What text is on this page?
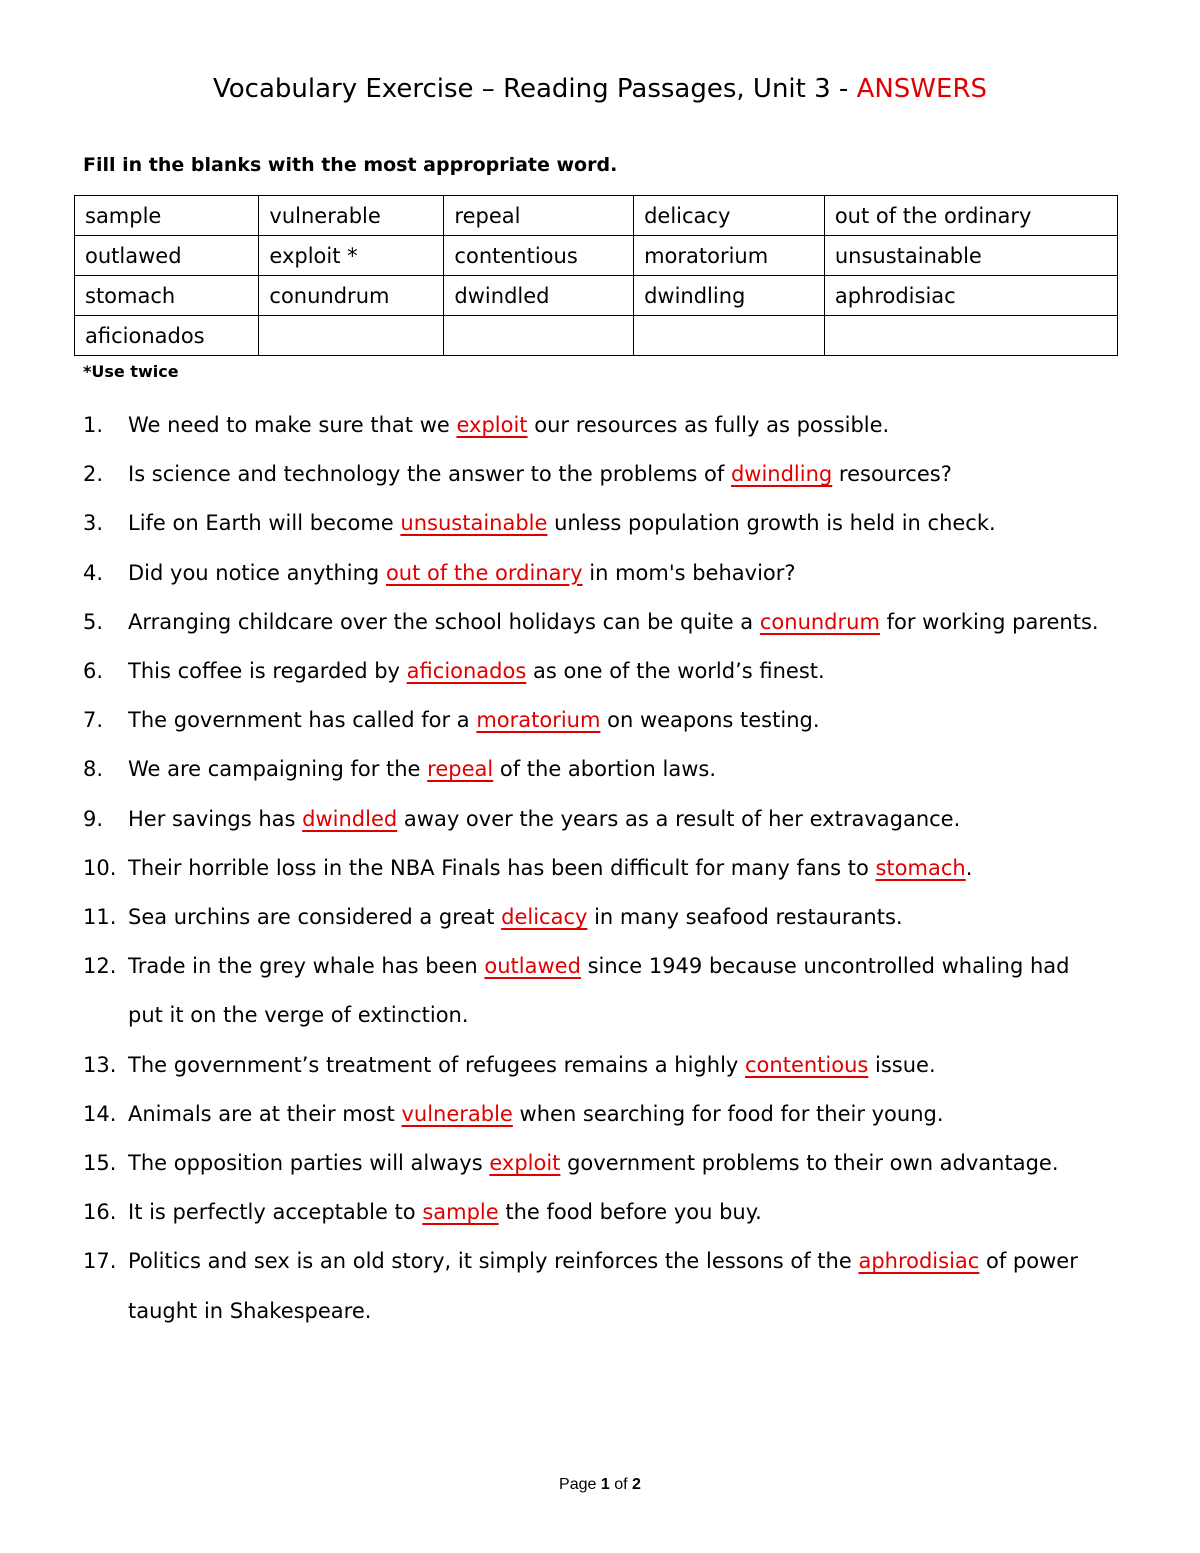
Vocabulary Exercise – Reading Passages, Unit 3 - ANSWERS
Fill in the blanks with the most appropriate word.
sample	vulnerable	repeal	delicacy	out of the ordinary
outlawed	exploit *	contentious	moratorium	unsustainable
stomach	conundrum	dwindled	dwindling	aphrodisiac
aficionados				
*Use twice
1. We need to make sure that we exploit our resources as fully as possible.
2. Is science and technology the answer to the problems of dwindling resources?
3. Life on Earth will become unsustainable unless population growth is held in check.
4. Did you notice anything out of the ordinary in mom's behavior?
5. Arranging childcare over the school holidays can be quite a conundrum for working parents.
6. This coffee is regarded by aficionados as one of the world’s finest.
7. The government has called for a moratorium on weapons testing.
8. We are campaigning for the repeal of the abortion laws.
9. Her savings has dwindled away over the years as a result of her extravagance.
10. Their horrible loss in the NBA Finals has been difficult for many fans to stomach.
11. Sea urchins are considered a great delicacy in many seafood restaurants.
12. Trade in the grey whale has been outlawed since 1949 because uncontrolled whaling had
put it on the verge of extinction.
13. The government’s treatment of refugees remains a highly contentious issue.
14. Animals are at their most vulnerable when searching for food for their young.
15. The opposition parties will always exploit government problems to their own advantage.
16. It is perfectly acceptable to sample the food before you buy.
17. Politics and sex is an old story, it simply reinforces the lessons of the aphrodisiac of power
taught in Shakespeare.
Page 1 of 2
